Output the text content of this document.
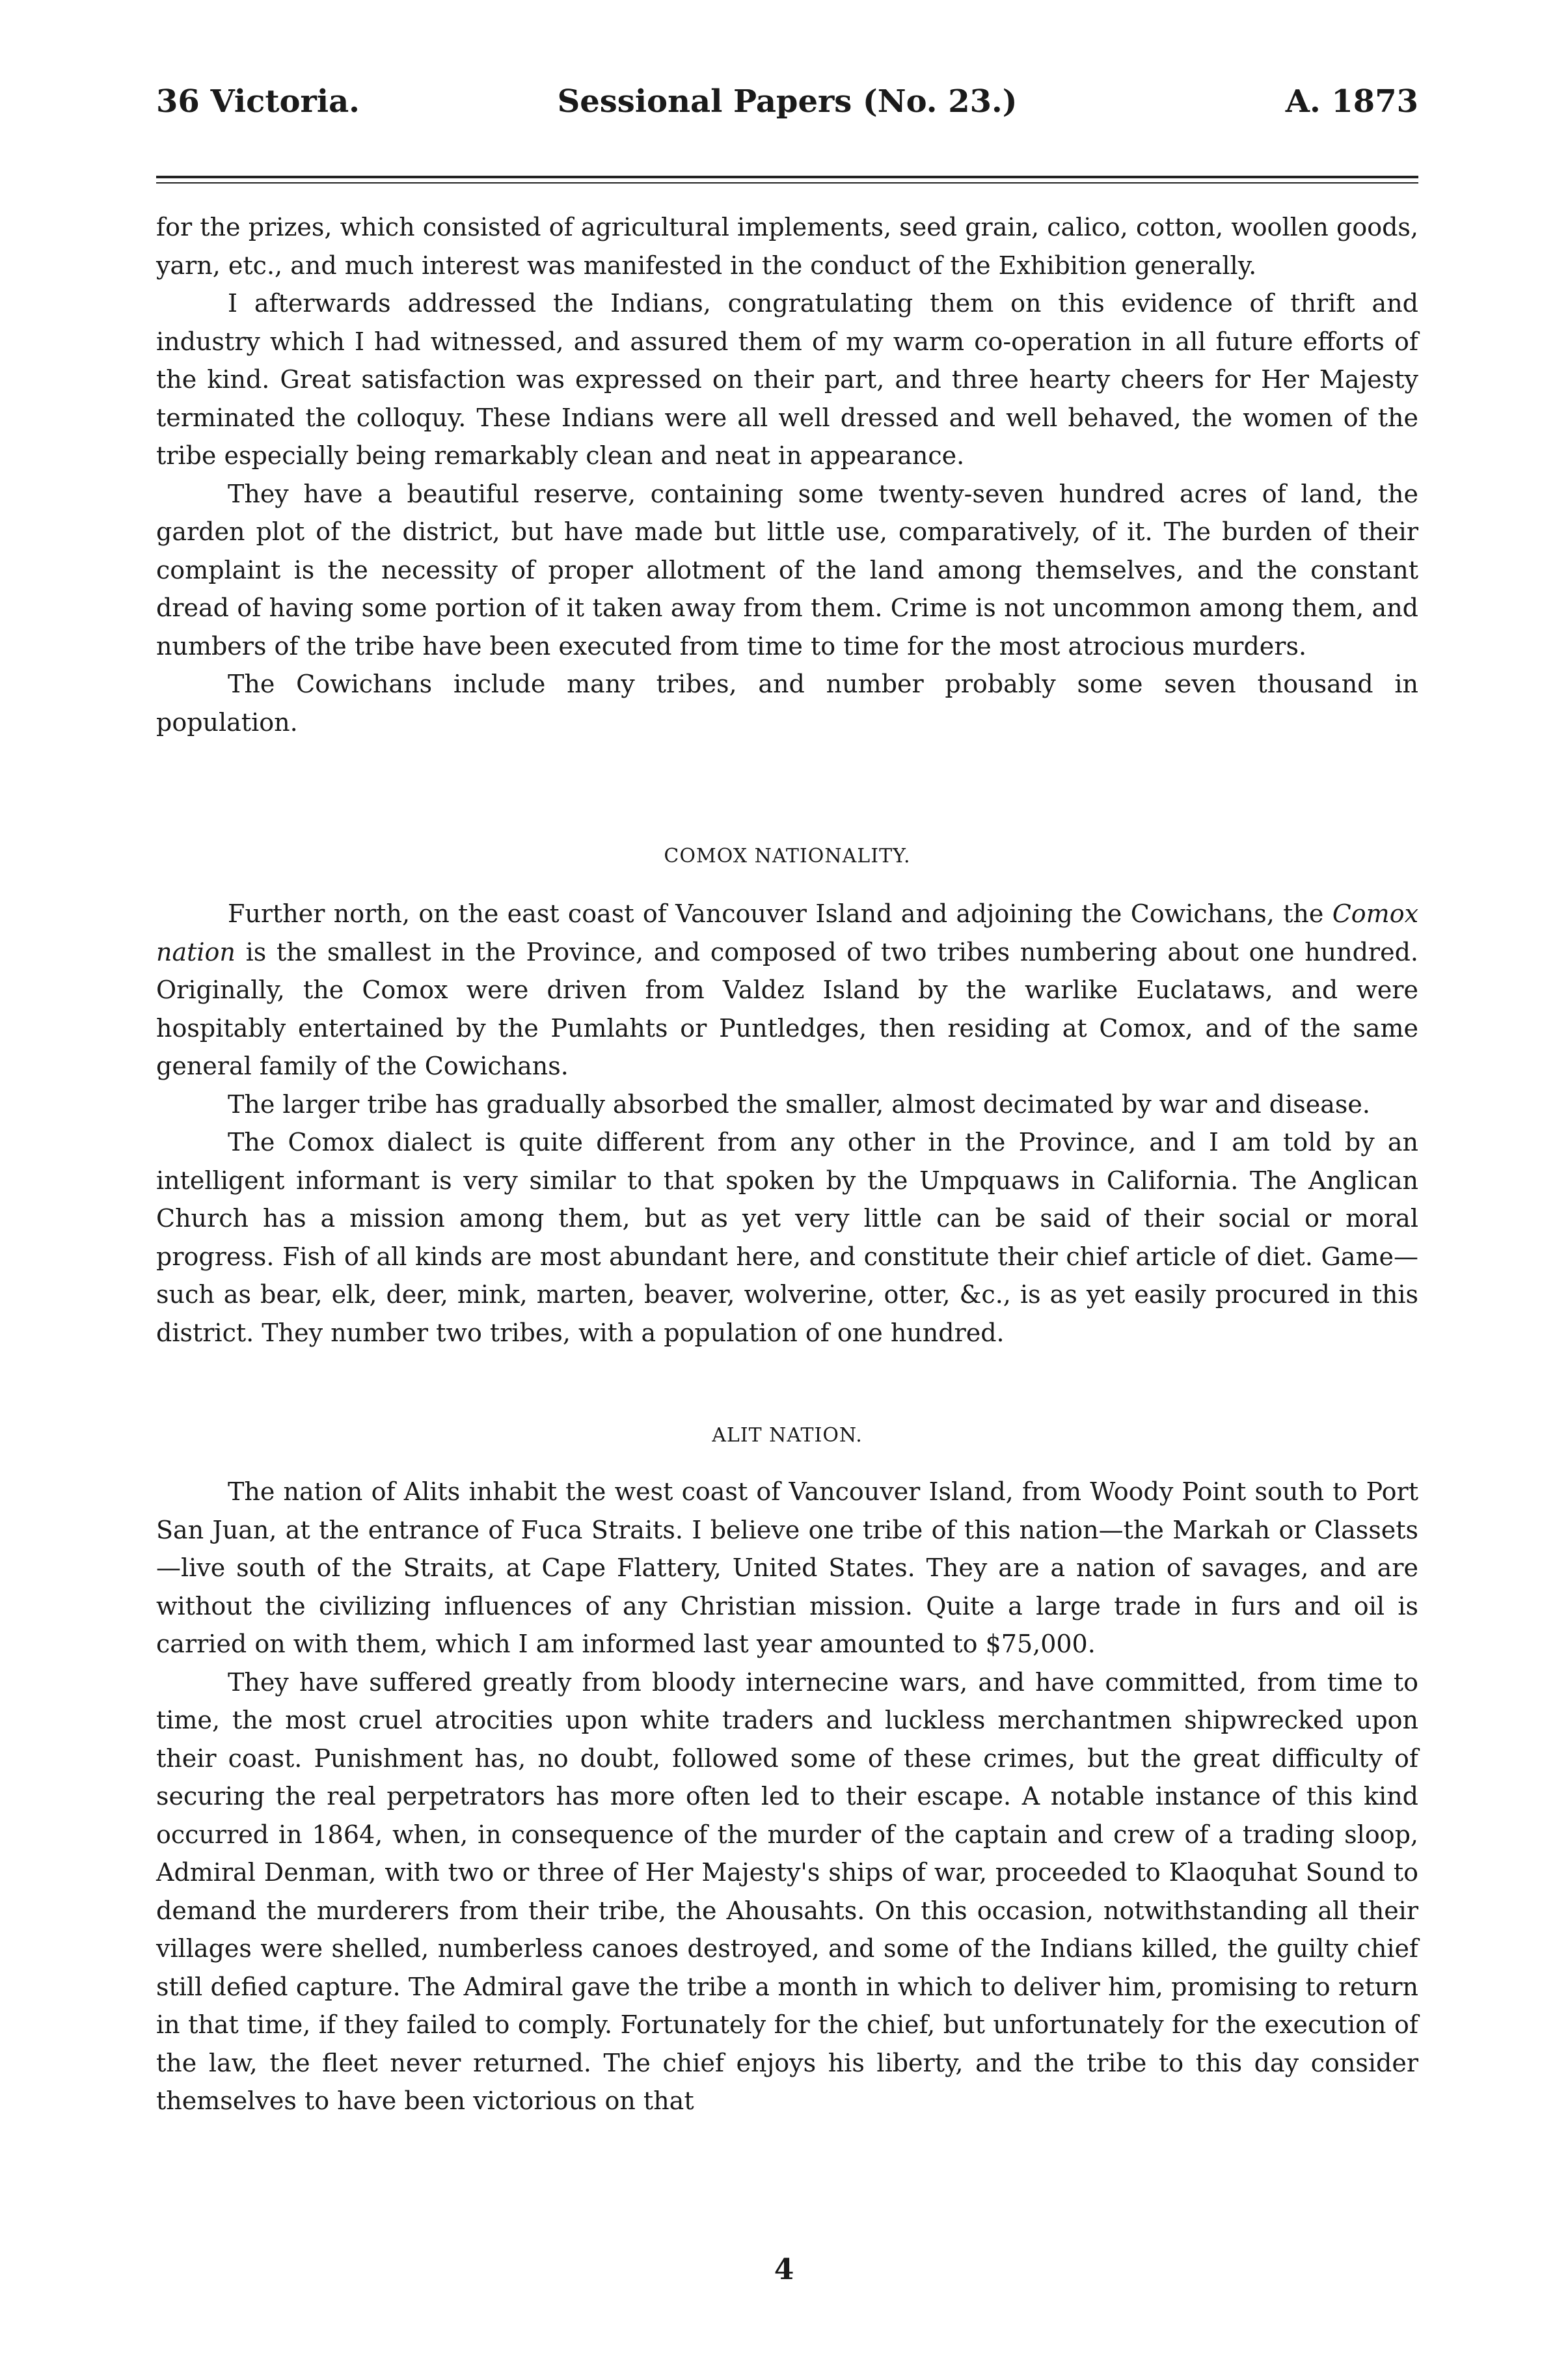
36 Victoria.	Sessional Papers (No. 23.)	A. 1873

for the prizes, which consisted of agricultural implements, seed grain, calico, cotton, woollen goods, yarn, etc., and much interest was manifested in the conduct of the Exhibition generally.

I afterwards addressed the Indians, congratulating them on this evidence of thrift and industry which I had witnessed, and assured them of my warm co-operation in all future efforts of the kind. Great satisfaction was expressed on their part, and three hearty cheers for Her Majesty terminated the colloquy. These Indians were all well dressed and well behaved, the women of the tribe especially being remarkably clean and neat in appearance.

They have a beautiful reserve, containing some twenty-seven hundred acres of land, the garden plot of the district, but have made but little use, comparatively, of it. The burden of their complaint is the necessity of proper allotment of the land among themselves, and the constant dread of having some portion of it taken away from them. Crime is not uncommon among them, and numbers of the tribe have been executed from time to time for the most atrocious murders.

The Cowichans include many tribes, and number probably some seven thousand in population.

COMOX NATIONALITY.

Further north, on the east coast of Vancouver Island and adjoining the Cowichans, the Comox nation is the smallest in the Province, and composed of two tribes numbering about one hundred. Originally, the Comox were driven from Valdez Island by the warlike Euclataws, and were hospitably entertained by the Pumlahts or Puntledges, then residing at Comox, and of the same general family of the Cowichans.

The larger tribe has gradually absorbed the smaller, almost decimated by war and disease.

The Comox dialect is quite different from any other in the Province, and I am told by an intelligent informant is very similar to that spoken by the Umpquaws in California. The Anglican Church has a mission among them, but as yet very little can be said of their social or moral progress. Fish of all kinds are most abundant here, and constitute their chief article of diet. Game—such as bear, elk, deer, mink, marten, beaver, wolverine, otter, &c., is as yet easily procured in this district. They number two tribes, with a population of one hundred.

ALIT NATION.

The nation of Alits inhabit the west coast of Vancouver Island, from Woody Point south to Port San Juan, at the entrance of Fuca Straits. I believe one tribe of this nation—the Markah or Classets—live south of the Straits, at Cape Flattery, United States. They are a nation of savages, and are without the civilizing influences of any Christian mission. Quite a large trade in furs and oil is carried on with them, which I am informed last year amounted to $75,000.

They have suffered greatly from bloody internecine wars, and have committed, from time to time, the most cruel atrocities upon white traders and luckless merchantmen shipwrecked upon their coast. Punishment has, no doubt, followed some of these crimes, but the great difficulty of securing the real perpetrators has more often led to their escape. A notable instance of this kind occurred in 1864, when, in consequence of the murder of the captain and crew of a trading sloop, Admiral Denman, with two or three of Her Majesty's ships of war, proceeded to Klaoquhat Sound to demand the murderers from their tribe, the Ahousahts. On this occasion, notwithstanding all their villages were shelled, numberless canoes destroyed, and some of the Indians killed, the guilty chief still defied capture. The Admiral gave the tribe a month in which to deliver him, promising to return in that time, if they failed to comply. Fortunately for the chief, but unfortunately for the execution of the law, the fleet never returned. The chief enjoys his liberty, and the tribe to this day consider themselves to have been victorious on that

4
